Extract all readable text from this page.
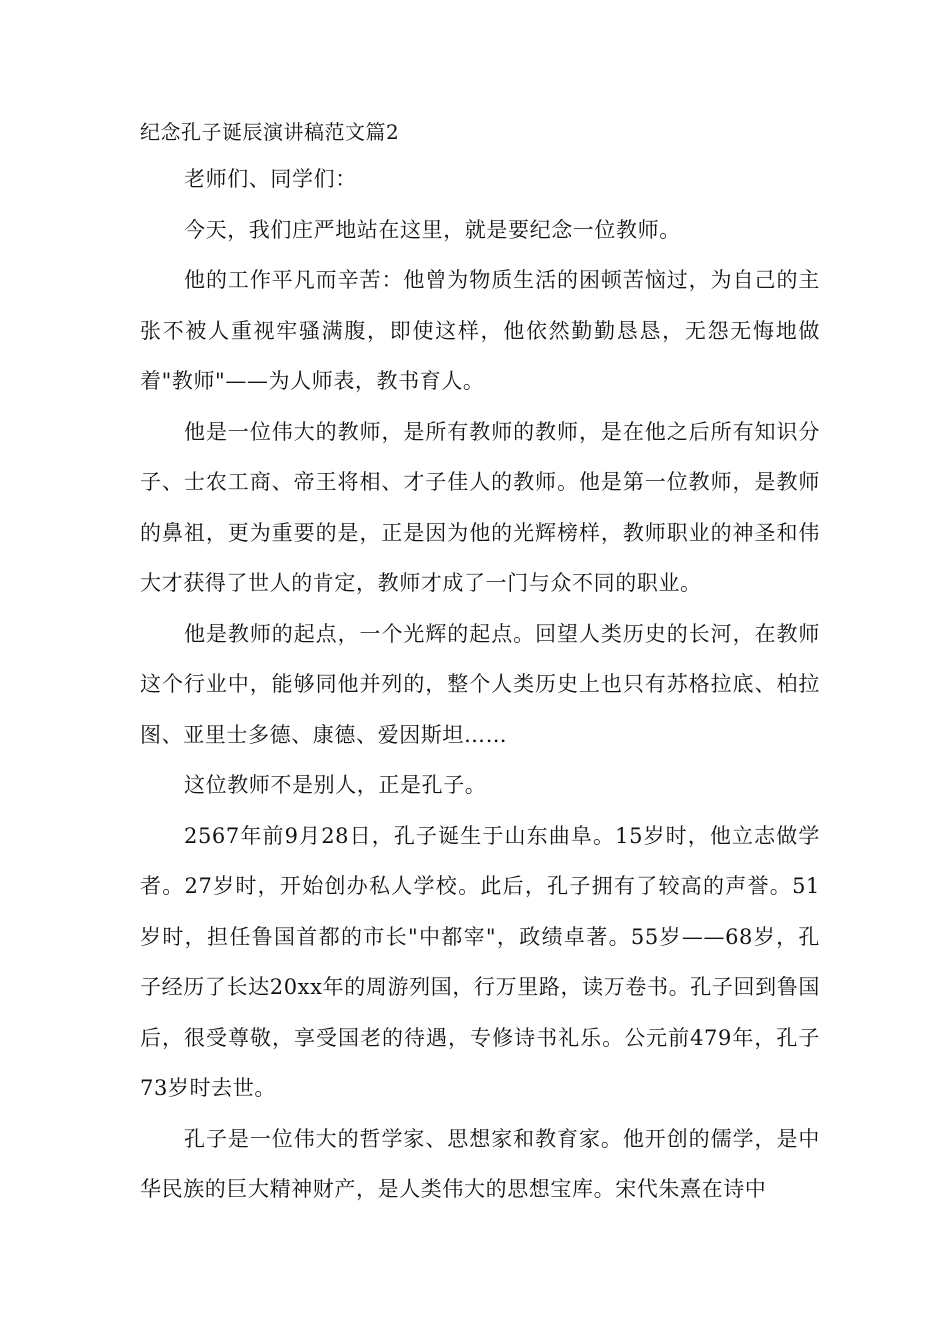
纪念孔子诞辰演讲稿范文篇2

老师们、同学们：

今天，我们庄严地站在这里，就是要纪念一位教师。

他的工作平凡而辛苦：他曾为物质生活的困顿苦恼过，为自己的主张不被人重视牢骚满腹，即使这样，他依然勤勤恳恳，无怨无悔地做着"教师"——为人师表，教书育人。

他是一位伟大的教师，是所有教师的教师，是在他之后所有知识分子、士农工商、帝王将相、才子佳人的教师。他是第一位教师，是教师的鼻祖，更为重要的是，正是因为他的光辉榜样，教师职业的神圣和伟大才获得了世人的肯定，教师才成了一门与众不同的职业。

他是教师的起点，一个光辉的起点。回望人类历史的长河，在教师这个行业中，能够同他并列的，整个人类历史上也只有苏格拉底、柏拉图、亚里士多德、康德、爱因斯坦……

这位教师不是别人，正是孔子。

2567年前9月28日，孔子诞生于山东曲阜。15岁时，他立志做学者。27岁时，开始创办私人学校。此后，孔子拥有了较高的声誉。51岁时，担任鲁国首都的市长"中都宰"，政绩卓著。55岁——68岁，孔子经历了长达20xx年的周游列国，行万里路，读万卷书。孔子回到鲁国后，很受尊敬，享受国老的待遇，专修诗书礼乐。公元前479年，孔子73岁时去世。

孔子是一位伟大的哲学家、思想家和教育家。他开创的儒学，是中华民族的巨大精神财产，是人类伟大的思想宝库。宋代朱熹在诗中
